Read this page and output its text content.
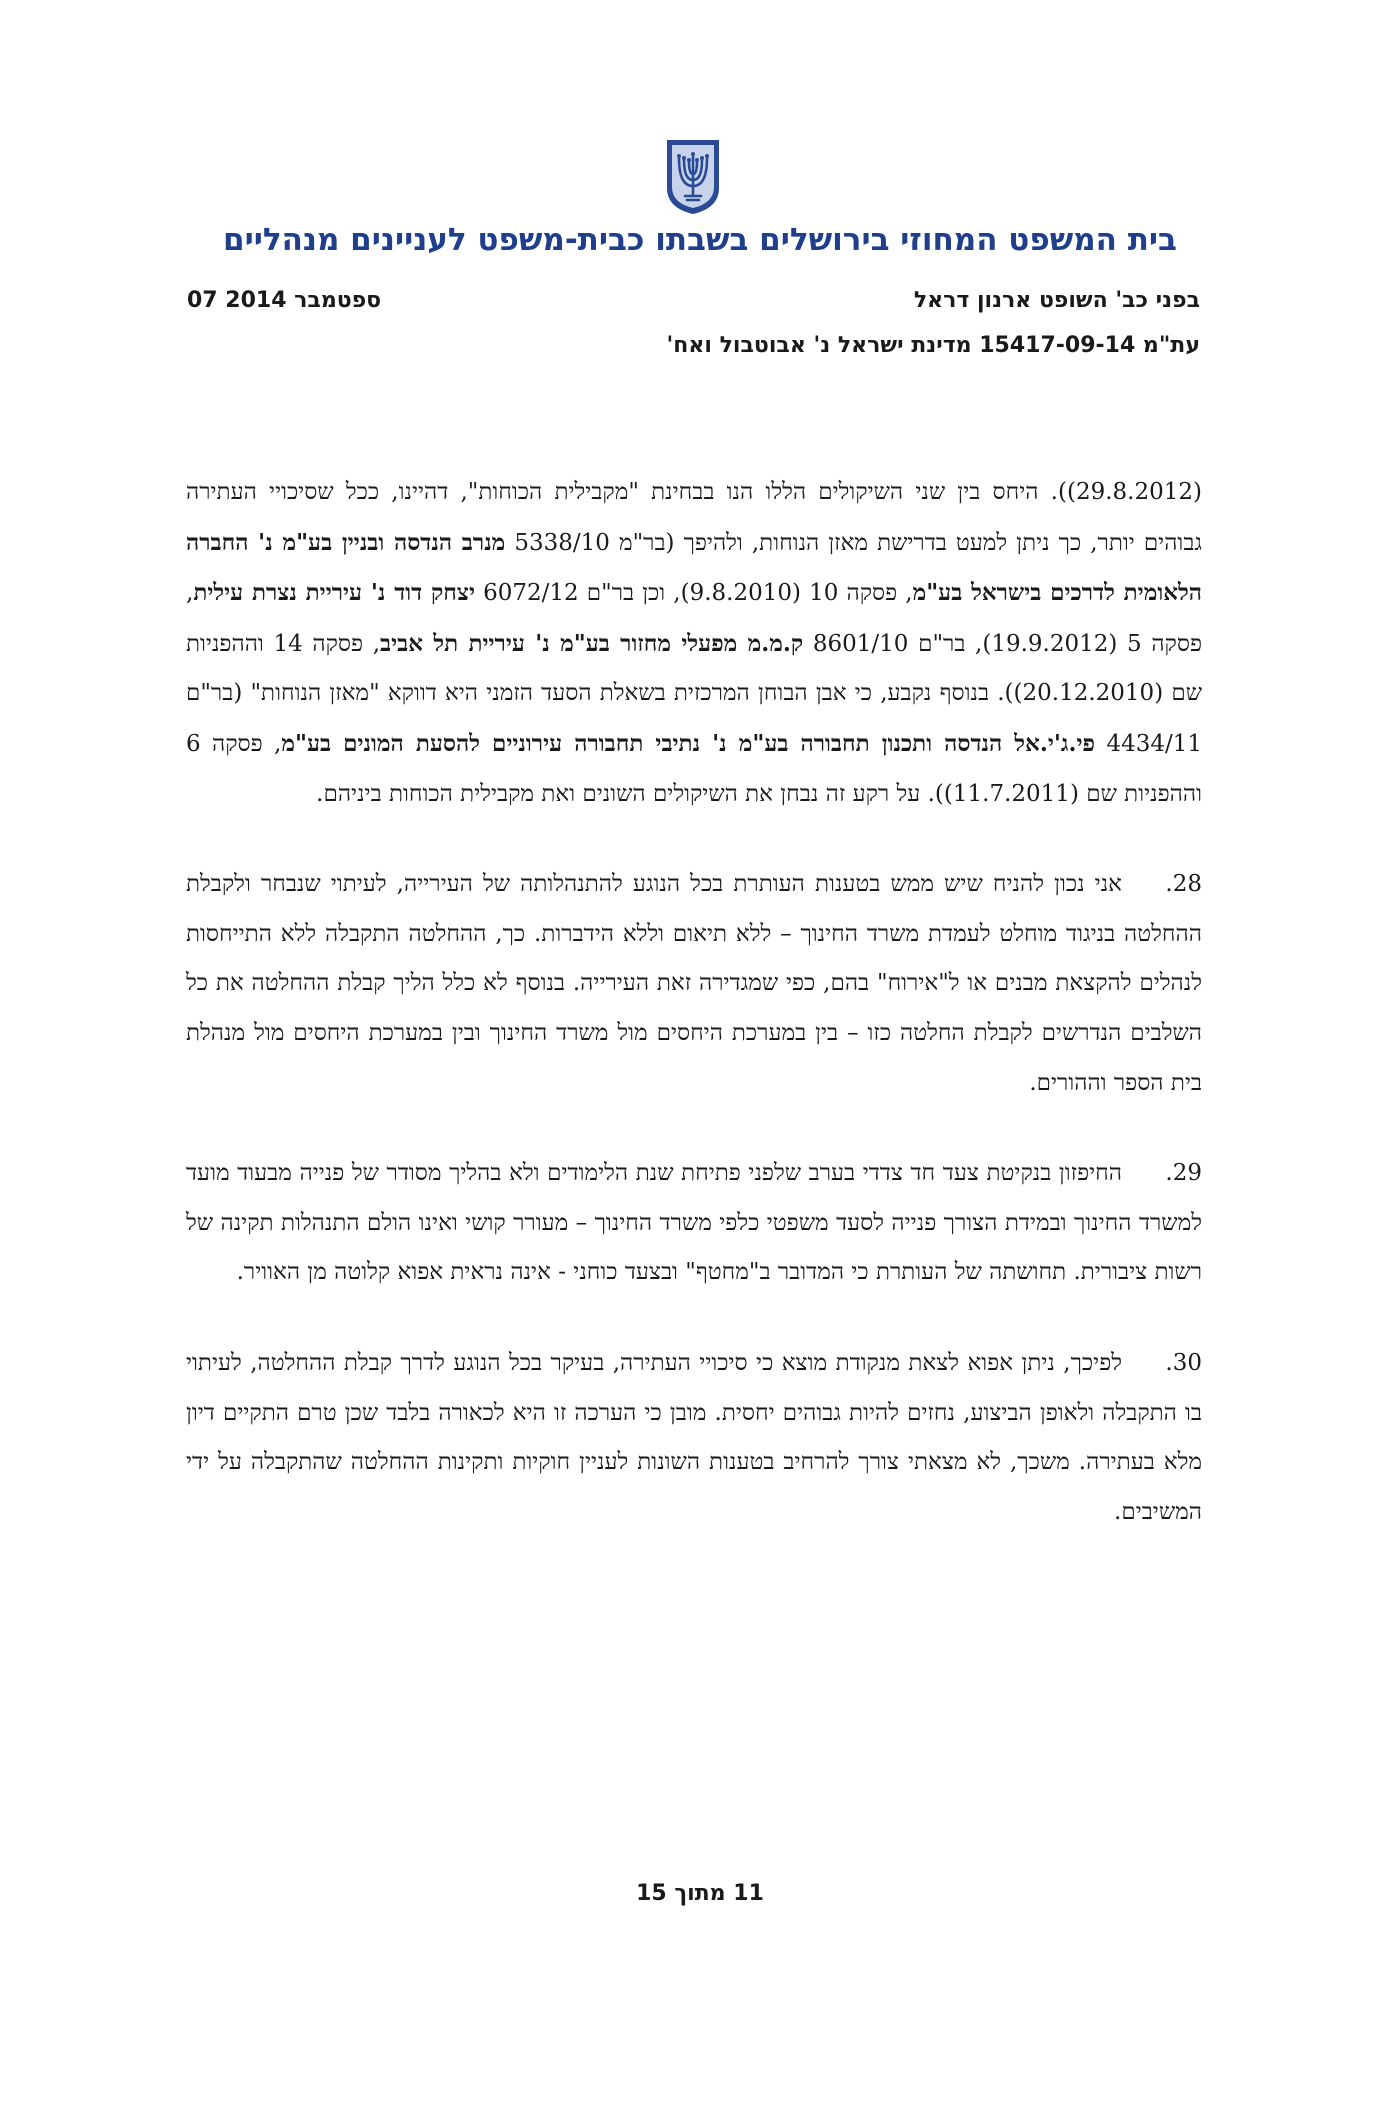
בית המשפט המחוזי בירושלים בשבתו כבית-משפט לעניינים מנהליים
בפני כב' השופט ארנון דראל
07 ספטמבר 2014
עת"מ 15417-09-14 מדינת ישראל נ' אבוטבול ואח'

(29.8.2012)). היחס בין שני השיקולים הללו הנו בבחינת "מקבילית הכוחות", דהיינו, ככל שסיכויי העתירה גבוהים יותר, כך ניתן למעט בדרישת מאזן הנוחות, ולהיפך (בר"מ 5338/10 מנרב הנדסה ובניין בע"מ נ' החברה הלאומית לדרכים בישראל בע"מ, פסקה 10 (9.8.2010), וכן בר"ם 6072/12 יצחק דוד נ' עיריית נצרת עילית, פסקה 5 (19.9.2012), בר"ם 8601/10 ק.מ.מ מפעלי מחזור בע"מ נ' עיריית תל אביב, פסקה 14 וההפניות שם (20.12.2010)). בנוסף נקבע, כי אבן הבוחן המרכזית בשאלת הסעד הזמני היא דווקא "מאזן הנוחות" (בר"ם 4434/11 פי.ג'י.אל הנדסה ותכנון תחבורה בע"מ נ' נתיבי תחבורה עירוניים להסעת המונים בע"מ, פסקה 6 וההפניות שם (11.7.2011)). על רקע זה נבחן את השיקולים השונים ואת מקבילית הכוחות ביניהם.

28.אני נכון להניח שיש ממש בטענות העותרת בכל הנוגע להתנהלותה של העירייה, לעיתוי שנבחר ולקבלת ההחלטה בניגוד מוחלט לעמדת משרד החינוך – ללא תיאום וללא הידברות. כך, ההחלטה התקבלה ללא התייחסות לנהלים להקצאת מבנים או ל"אירוח" בהם, כפי שמגדירה זאת העירייה. בנוסף לא כלל הליך קבלת ההחלטה את כל השלבים הנדרשים לקבלת החלטה כזו – בין במערכת היחסים מול משרד החינוך ובין במערכת היחסים מול מנהלת בית הספר וההורים.

29.החיפזון בנקיטת צעד חד צדדי בערב שלפני פתיחת שנת הלימודים ולא בהליך מסודר של פנייה מבעוד מועד למשרד החינוך ובמידת הצורך פנייה לסעד משפטי כלפי משרד החינוך – מעורר קושי ואינו הולם התנהלות תקינה של רשות ציבורית. תחושתה של העותרת כי המדובר ב"מחטף" ובצעד כוחני - אינה נראית אפוא קלוטה מן האוויר.

30.לפיכך, ניתן אפוא לצאת מנקודת מוצא כי סיכויי העתירה, בעיקר בכל הנוגע לדרך קבלת ההחלטה, לעיתוי בו התקבלה ולאופן הביצוע, נחזים להיות גבוהים יחסית. מובן כי הערכה זו היא לכאורה בלבד שכן טרם התקיים דיון מלא בעתירה. משכך, לא מצאתי צורך להרחיב בטענות השונות לעניין חוקיות ותקינות ההחלטה שהתקבלה על ידי המשיבים.

11 מתוך 15
